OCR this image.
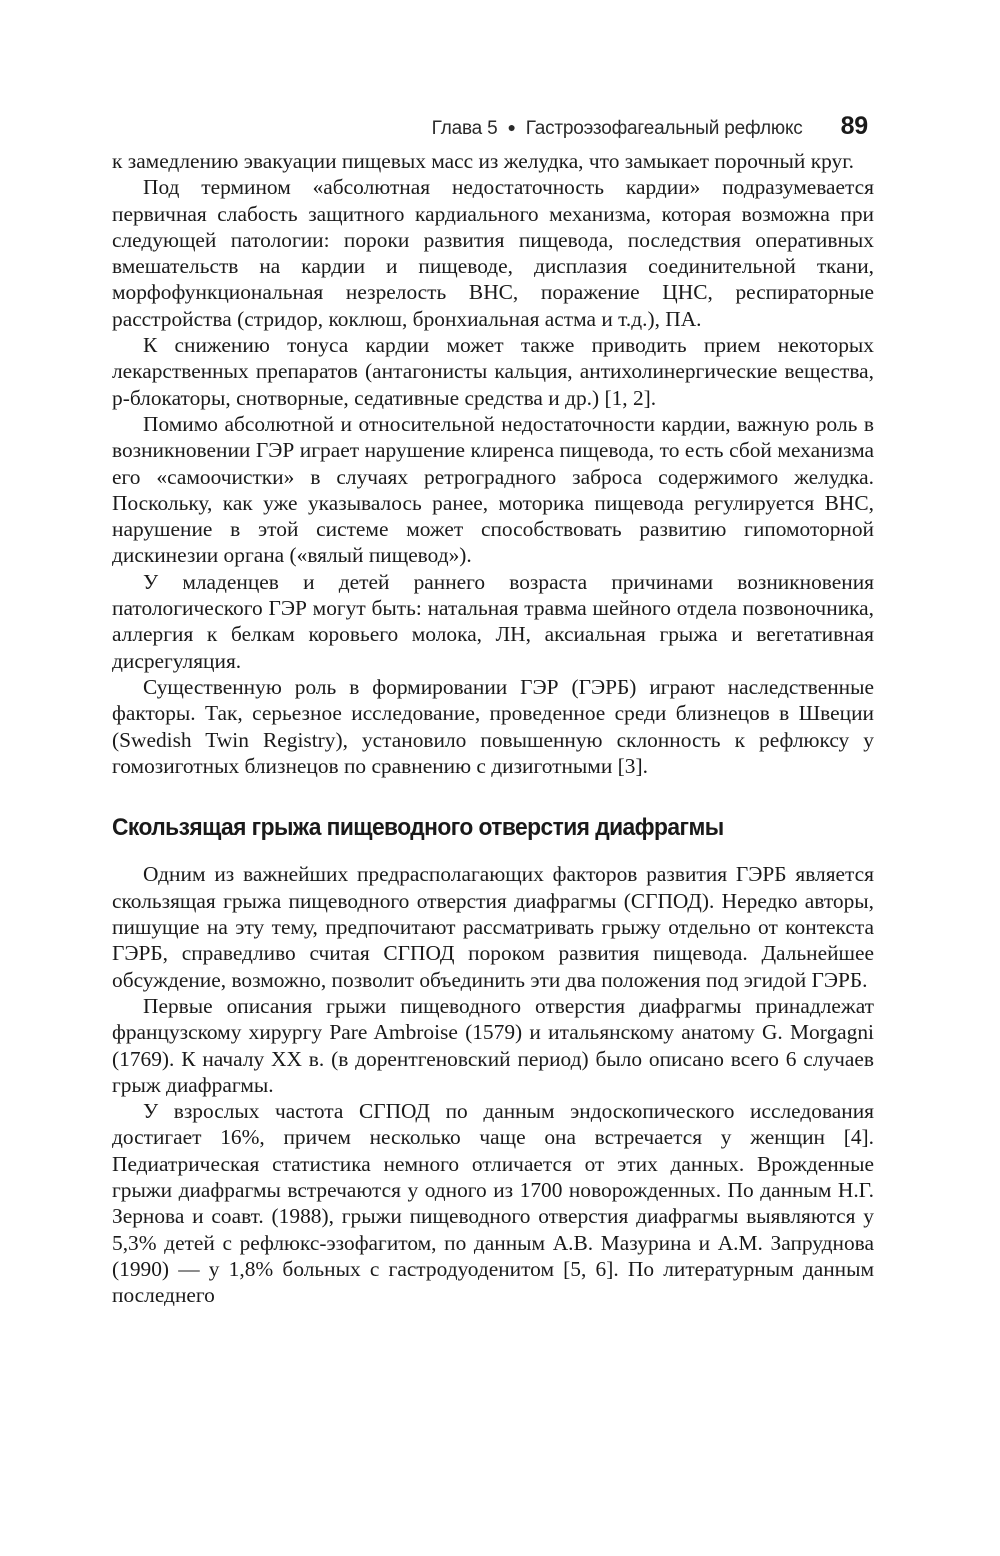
Глава 5 ● Гастроэзофагеальный рефлюкс 89

к замедлению эвакуации пищевых масс из желудка, что замыкает порочный круг.

Под термином «абсолютная недостаточность кардии» подразумевается первичная слабость защитного кардиального механизма, которая возможна при следующей патологии: пороки развития пищевода, последствия оперативных вмешательств на кардии и пищеводе, дисплазия соединительной ткани, морфофункциональная незрелость ВНС, поражение ЦНС, респираторные расстройства (стридор, коклюш, бронхиальная астма и т.д.), ПА.

К снижению тонуса кардии может также приводить прием некоторых лекарственных препаратов (антагонисты кальция, антихолинергические вещества, р-блокаторы, снотворные, седативные средства и др.) [1, 2].

Помимо абсолютной и относительной недостаточности кардии, важную роль в возникновении ГЭР играет нарушение клиренса пищевода, то есть сбой механизма его «самоочистки» в случаях ретроградного заброса содержимого желудка. Поскольку, как уже указывалось ранее, моторика пищевода регулируется ВНС, нарушение в этой системе может способствовать развитию гипомоторной дискинезии органа («вялый пищевод»).

У младенцев и детей раннего возраста причинами возникновения патологического ГЭР могут быть: натальная травма шейного отдела позвоночника, аллергия к белкам коровьего молока, ЛН, аксиальная грыжа и вегетативная дисрегуляция.

Существенную роль в формировании ГЭР (ГЭРБ) играют наследственные факторы. Так, серьезное исследование, проведенное среди близнецов в Швеции (Swedish Twin Registry), установило повышенную склонность к рефлюксу у гомозиготных близнецов по сравнению с дизиготными [3].

Скользящая грыжа пищеводного отверстия диафрагмы

Одним из важнейших предрасполагающих факторов развития ГЭРБ является скользящая грыжа пищеводного отверстия диафрагмы (СГПОД). Нередко авторы, пишущие на эту тему, предпочитают рассматривать грыжу отдельно от контекста ГЭРБ, справедливо считая СГПОД пороком развития пищевода. Дальнейшее обсуждение, возможно, позволит объединить эти два положения под эгидой ГЭРБ.

Первые описания грыжи пищеводного отверстия диафрагмы принадлежат французскому хирургу Pare Ambroise (1579) и итальянскому анатому G. Morgagni (1769). К началу XX в. (в дорентгеновский период) было описано всего 6 случаев грыж диафрагмы.

У взрослых частота СГПОД по данным эндоскопического исследования достигает 16%, причем несколько чаще она встречается у женщин [4]. Педиатрическая статистика немного отличается от этих данных. Врожденные грыжи диафрагмы встречаются у одного из 1700 новорожденных. По данным Н.Г. Зернова и соавт. (1988), грыжи пищеводного отверстия диафрагмы выявляются у 5,3% детей с рефлюкс-эзофагитом, по данным А.В. Мазурина и А.М. Запруднова (1990) — у 1,8% больных с гастродуоденитом [5, 6]. По литературным данным последнего
